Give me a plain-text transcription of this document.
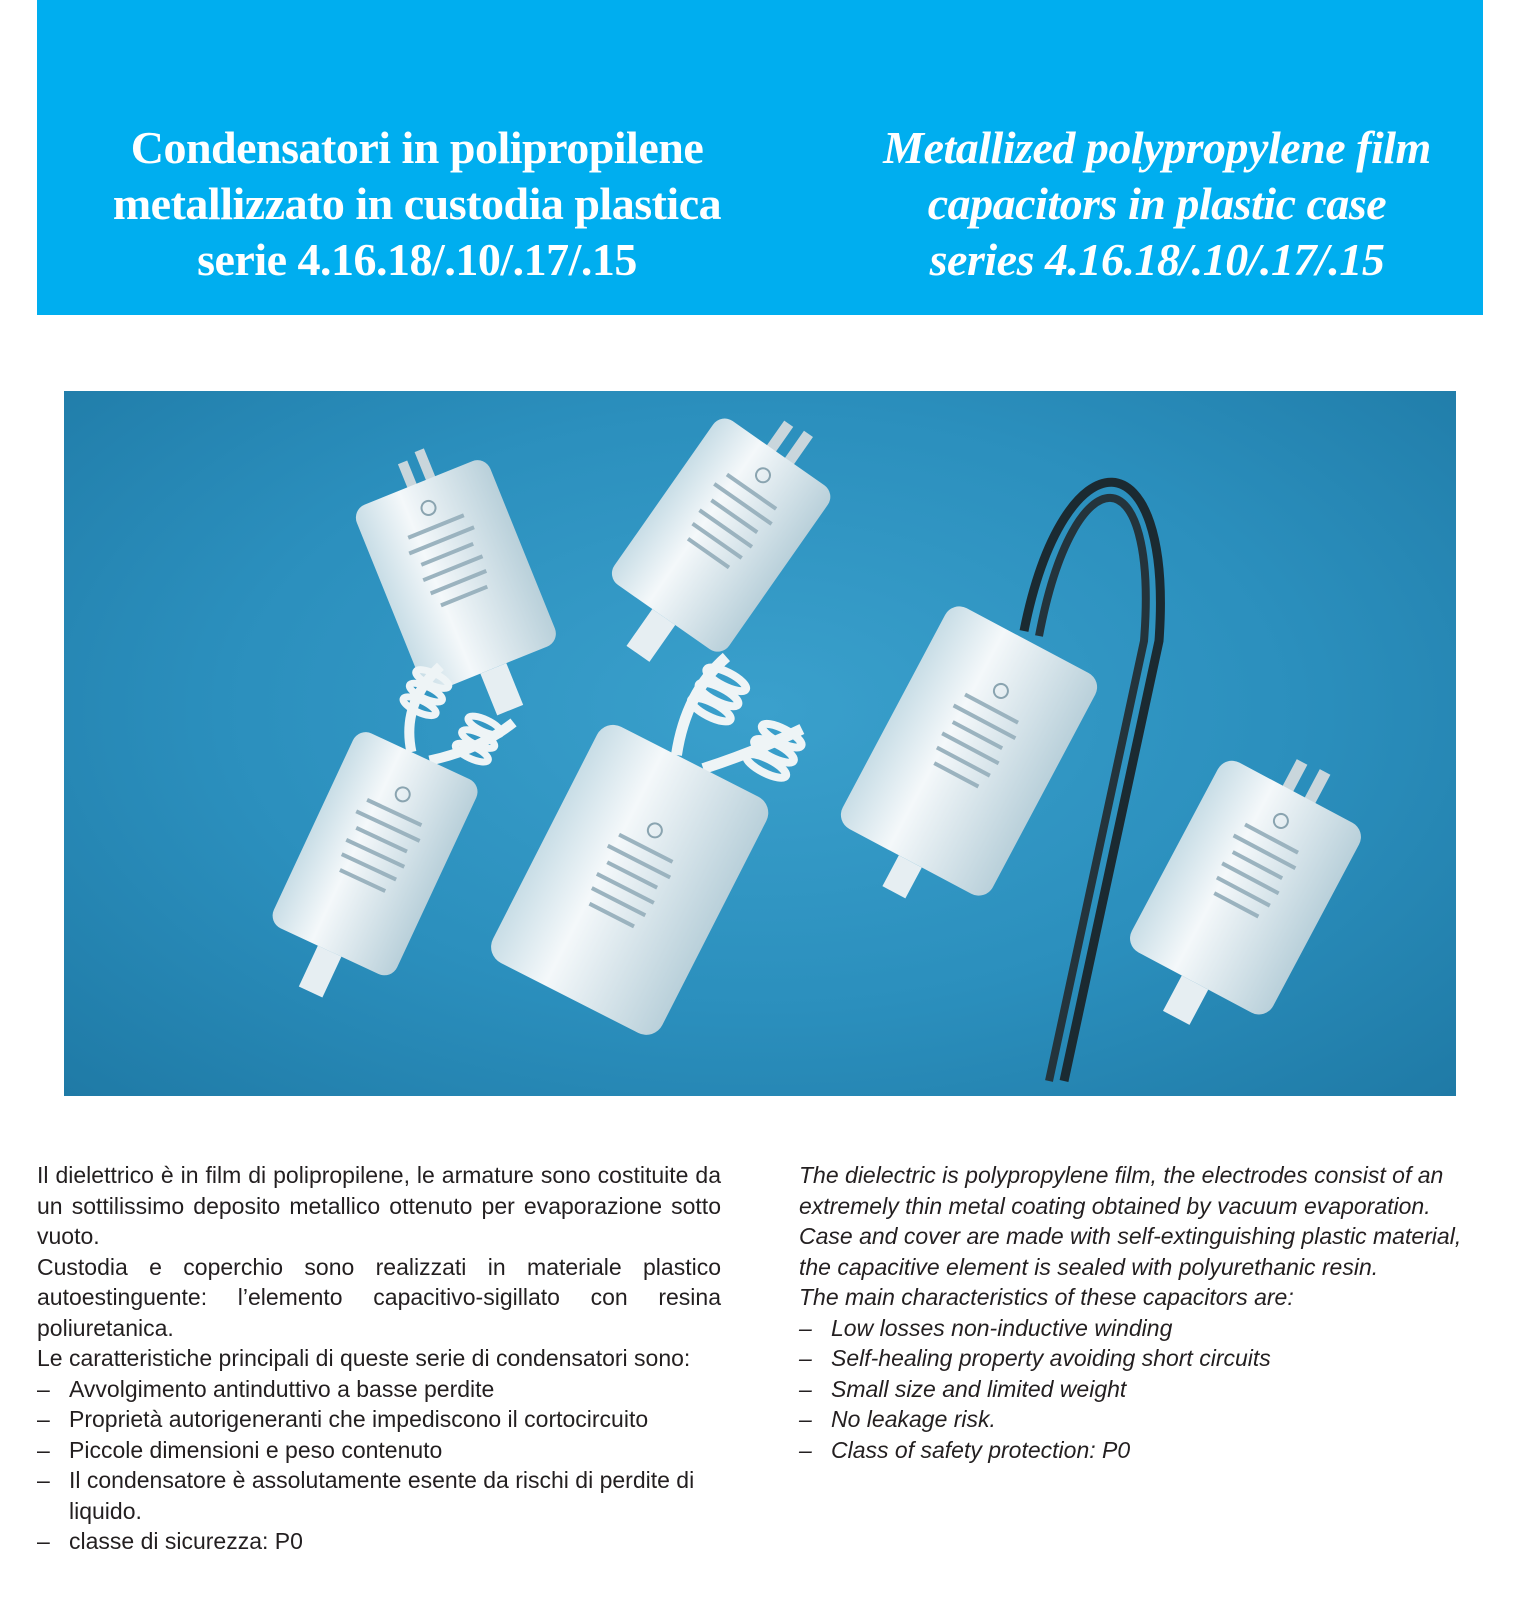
Condensatori in polipropilene
metallizzato in custodia plastica
serie 4.16.18/.10/.17/.15
Metallized polypropylene film
capacitors in plastic case
series 4.16.18/.10/.17/.15

Il dielettrico è in film di polipropilene, le armature sono costituite da un sottilissimo deposito metallico ottenuto per evaporazione sotto vuoto.

Custodia e coperchio sono realizzati in materiale plastico autoestinguente: l’elemento capacitivo-sigillato con resina poliuretanica.

Le caratteristiche principali di queste serie di condensatori sono:

– Avvolgimento antinduttivo a basse perdite
– Proprietà autorigeneranti che impediscono il cortocircuito
– Piccole dimensioni e peso contenuto
– Il condensatore è assolutamente esente da rischi di perdite di liquido.
– classe di sicurezza: P0

The dielectric is polypropylene film, the electrodes consist of an extremely thin metal coating obtained by vacuum evaporation.

Case and cover are made with self-extinguishing plastic material, the capacitive element is sealed with polyurethanic resin.

The main characteristics of these capacitors are:

– Low losses non-inductive winding
– Self-healing property avoiding short circuits
– Small size and limited weight
– No leakage risk.
– Class of safety protection: P0
